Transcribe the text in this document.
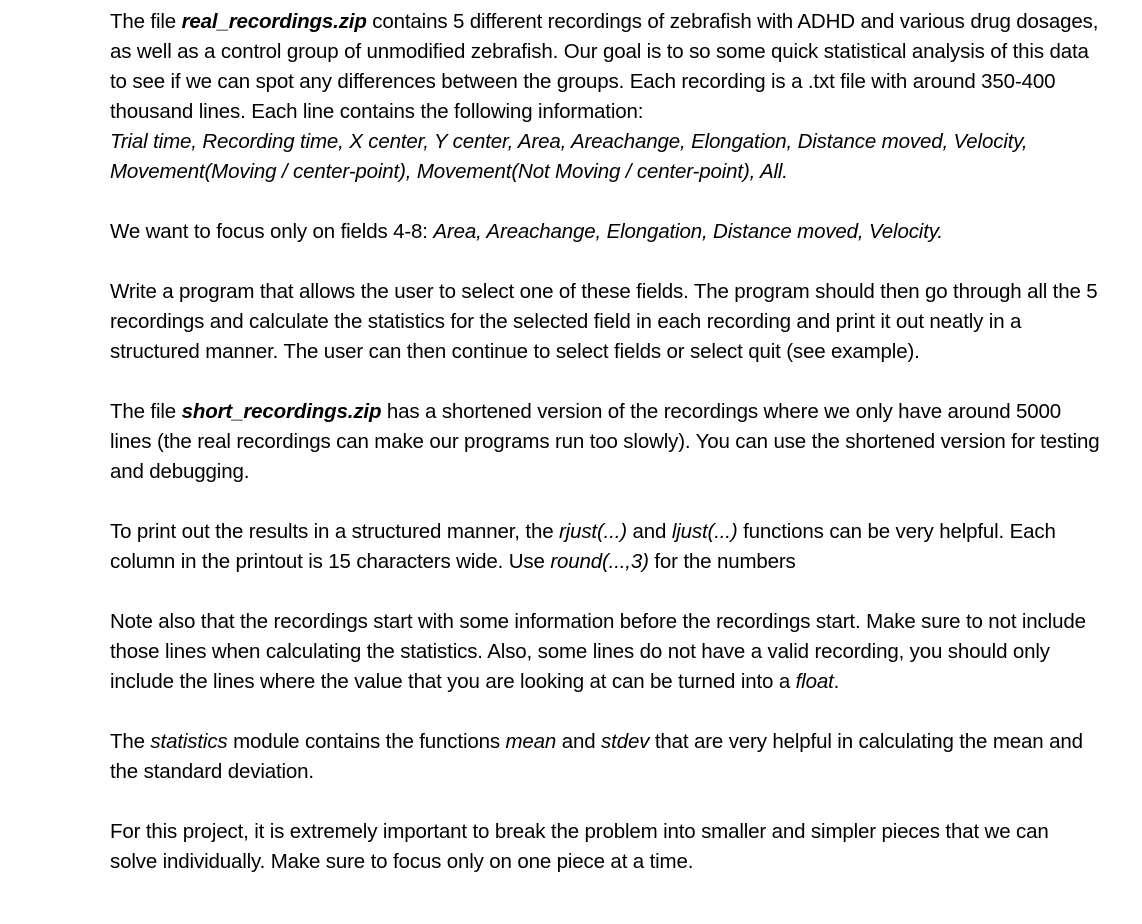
The file real_recordings.zip contains 5 different recordings of zebrafish with ADHD and various drug dosages, as well as a control group of unmodified zebrafish. Our goal is to so some quick statistical analysis of this data to see if we can spot any differences between the groups. Each recording is a .txt file with around 350-400 thousand lines. Each line contains the following information:
Trial time, Recording time, X center, Y center, Area, Areachange, Elongation, Distance moved, Velocity, Movement(Moving / center-point), Movement(Not Moving / center-point), All.

We want to focus only on fields 4-8: Area, Areachange, Elongation, Distance moved, Velocity.

Write a program that allows the user to select one of these fields. The program should then go through all the 5 recordings and calculate the statistics for the selected field in each recording and print it out neatly in a structured manner. The user can then continue to select fields or select quit (see example).

The file short_recordings.zip has a shortened version of the recordings where we only have around 5000 lines (the real recordings can make our programs run too slowly). You can use the shortened version for testing and debugging.

To print out the results in a structured manner, the rjust(...) and ljust(...) functions can be very helpful. Each column in the printout is 15 characters wide. Use round(...,3) for the numbers

Note also that the recordings start with some information before the recordings start. Make sure to not include those lines when calculating the statistics. Also, some lines do not have a valid recording, you should only include the lines where the value that you are looking at can be turned into a float.

The statistics module contains the functions mean and stdev that are very helpful in calculating the mean and the standard deviation.

For this project, it is extremely important to break the problem into smaller and simpler pieces that we can solve individually. Make sure to focus only on one piece at a time.
